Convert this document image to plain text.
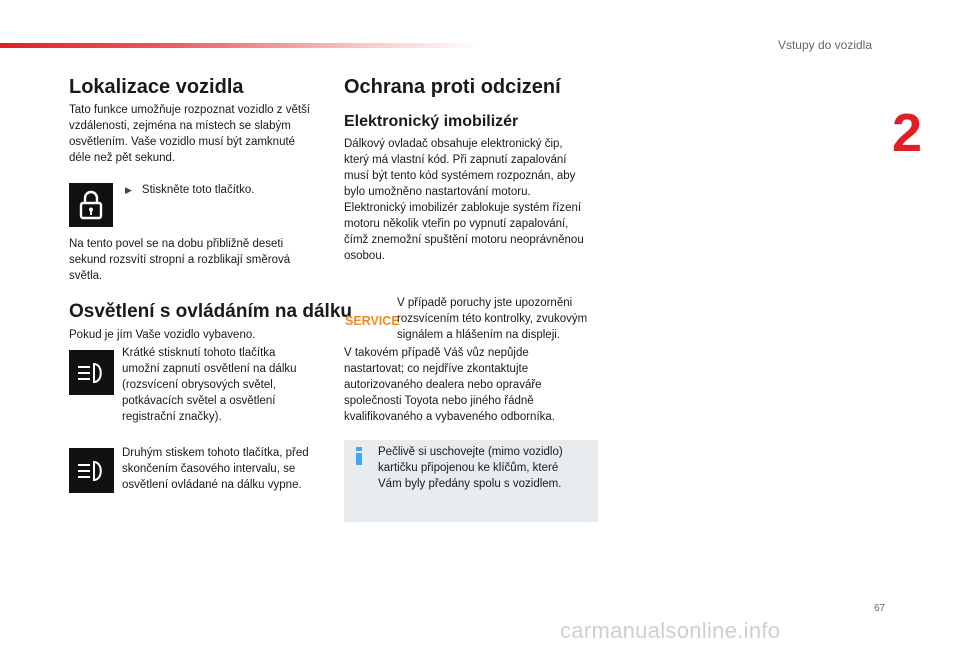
Vstupy do vozidla
2
Lokalizace vozidla
Tato funkce umožňuje rozpoznat vozidlo z větší
vzdálenosti, zejména na místech se slabým
osvětlením. Vaše vozidlo musí být zamknuté
déle než pět sekund.
▶ Stiskněte toto tlačítko.
Na tento povel se na dobu přibližně deseti
sekund rozsvítí stropní a rozblikají směrová
světla.
Osvětlení s ovládáním na dálku
Pokud je jím Vaše vozidlo vybaveno.
Krátké stisknutí tohoto tlačítka
umožní zapnutí osvětlení na dálku
(rozsvícení obrysových světel,
potkávacích světel a osvětlení
registrační značky).
Druhým stiskem tohoto tlačítka, před
skončením časového intervalu, se
osvětlení ovládané na dálku vypne.
Ochrana proti odcizení
Elektronický imobilizér
Dálkový ovladač obsahuje elektronický čip,
který má vlastní kód. Při zapnutí zapalování
musí být tento kód systémem rozpoznán, aby
bylo umožněno nastartování motoru.
Elektronický imobilizér zablokuje systém řízení
motoru několik vteřin po vypnutí zapalování,
čímž znemožní spuštění motoru neoprávněnou
osobou.
SERVICE
V případě poruchy jste upozorněni
rozsvícením této kontrolky, zvukovým
signálem a hlášením na displeji.
V takovém případě Váš vůz nepůjde
nastartovat; co nejdříve zkontaktujte
autorizovaného dealera nebo opraváře
společnosti Toyota nebo jiného řádně
kvalifikovaného a vybaveného odborníka.
Pečlivě si uschovejte (mimo vozidlo)
kartičku připojenou ke klíčům, které
Vám byly předány spolu s vozidlem.
67
carmanualsonline.info
